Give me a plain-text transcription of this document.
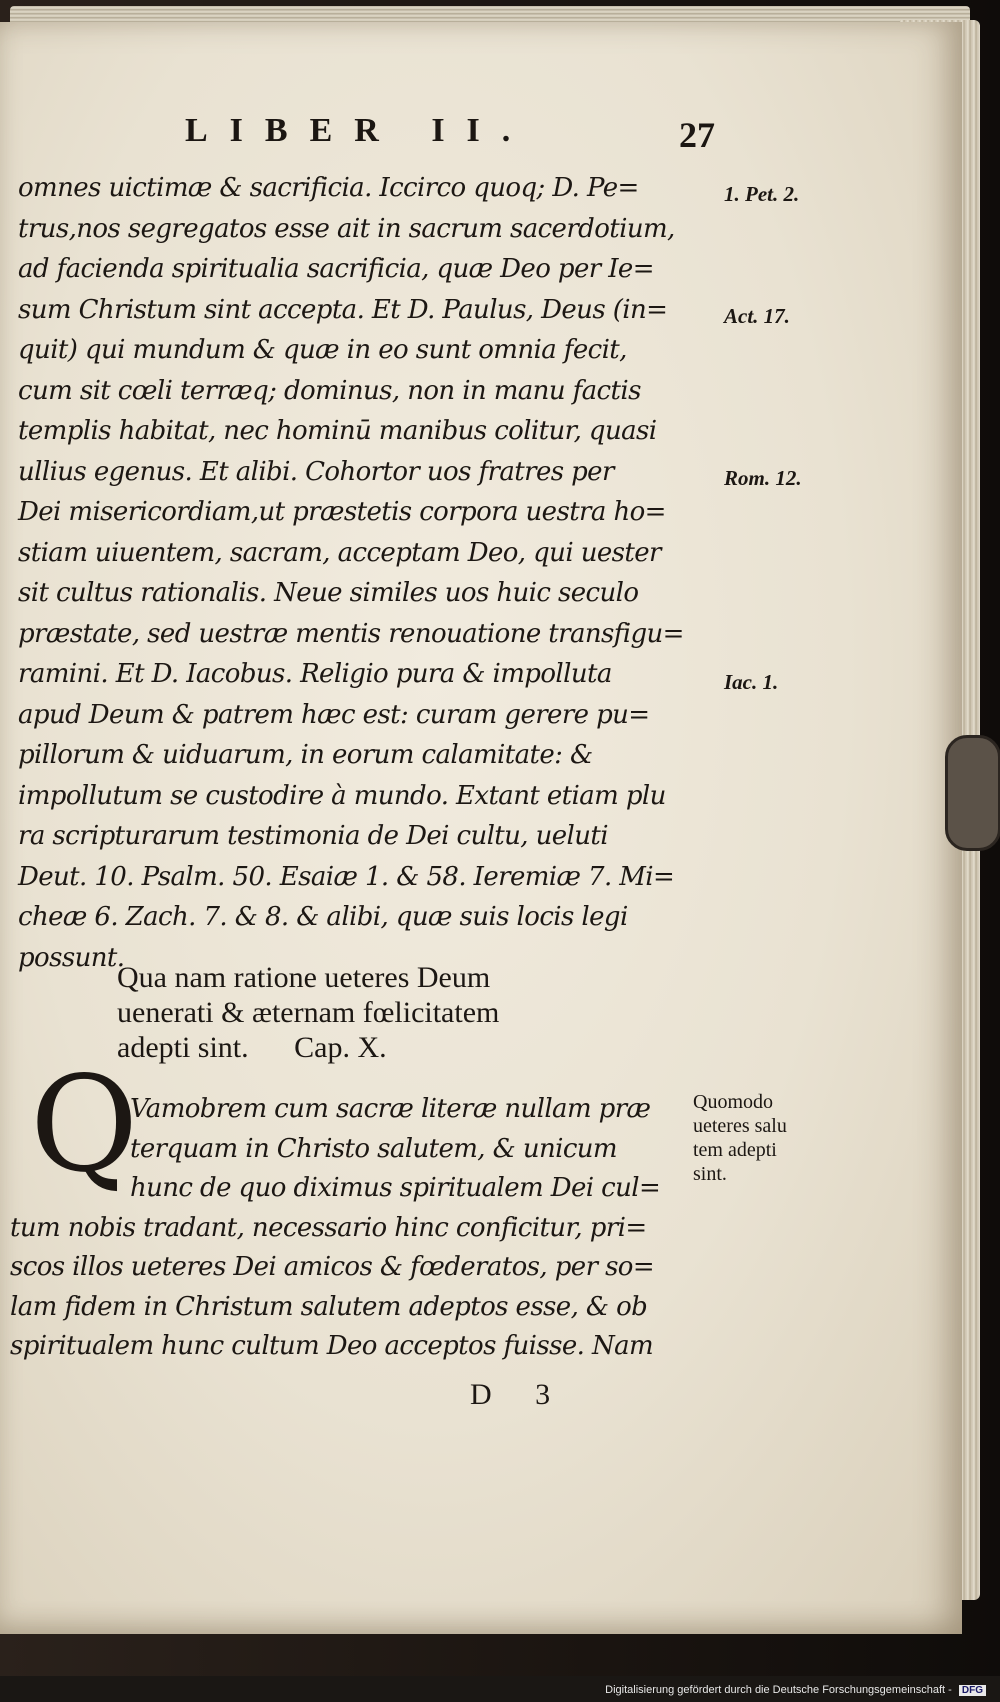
LIBER II.	27
omnes uictimæ & sacrificia. Iccirco quoq; D. Pe=
trus,nos segregatos esse ait in sacrum sacerdotium,
ad facienda spiritualia sacrificia, quæ Deo per Ie=
sum Christum sint accepta. Et D. Paulus, Deus (in=
quit) qui mundum & quæ in eo sunt omnia fecit,
cum sit cœli terræq; dominus, non in manu factis
templis habitat, nec hominū manibus colitur, quasi
ullius egenus. Et alibi. Cohortor uos fratres per
Dei misericordiam,ut præstetis corpora uestra ho=
stiam uiuentem, sacram, acceptam Deo, qui uester
sit cultus rationalis. Neue similes uos huic seculo
præstate, sed uestræ mentis renouatione transfigu=
ramini. Et D. Iacobus. Religio pura & impolluta
apud Deum & patrem hæc est: curam gerere pu=
pillorum & uiduarum, in eorum calamitate: &
impollutum se custodire à mundo. Extant etiam plu
ra scripturarum testimonia de Dei cultu, ueluti
Deut. 10. Psalm. 50. Esaiæ 1. & 58. Ieremiæ 7. Mi=
cheæ 6. Zach. 7. & 8. & alibi, quæ suis locis legi
possunt.
1. Pet. 2.
Act. 17.
Rom. 12.
Iac. 1.
Qua nam ratione ueteres Deum
uenerati & æternam fœlicitatem
adepti sint. Cap. X.
Q
Vamobrem cum sacræ literæ nullam præ
terquam in Christo salutem, & unicum
hunc de quo diximus spiritualem Dei cul=
tum nobis tradant, necessario hinc conficitur, pri=
scos illos ueteres Dei amicos & fœderatos, per so=
lam fidem in Christum salutem adeptos esse, & ob
spiritualem hunc cultum Deo acceptos fuisse. Nam
Quomodo
ueteres salu
tem adepti
sint.
D 3
Digitalisierung gefördert durch die Deutsche Forschungsgemeinschaft - DFG
